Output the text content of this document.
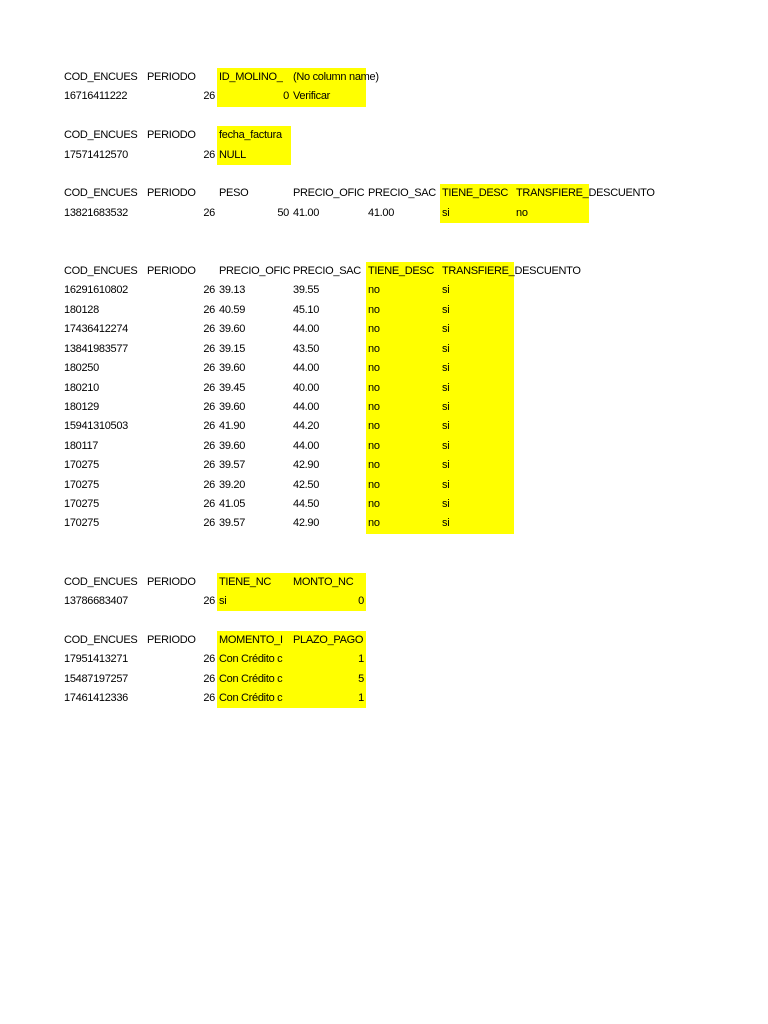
COD_ENCUES PERIODO	ID_MOLINO_ (No column name)
16716411222	26	0 Verificar
COD_ENCUES PERIODO	fecha_factura
17571412570	26 NULL
COD_ENCUES PERIODO	PESO	PRECIO_OFIC PRECIO_SAC TIENE_DESC TRANSFIERE_DESCUENTO
13821683532	26	50 41.00	41.00	si	no
COD_ENCUES PERIODO	PRECIO_OFIC PRECIO_SAC TIENE_DESC TRANSFIERE_DESCUENTO
16291610802	26 39.13	39.55	no	si
180128	26 40.59	45.10	no	si
17436412274	26 39.60	44.00	no	si
13841983577	26 39.15	43.50	no	si
180250	26 39.60	44.00	no	si
180210	26 39.45	40.00	no	si
180129	26 39.60	44.00	no	si
15941310503	26 41.90	44.20	no	si
180117	26 39.60	44.00	no	si
170275	26 39.57	42.90	no	si
170275	26 39.20	42.50	no	si
170275	26 41.05	44.50	no	si
170275	26 39.57	42.90	no	si
COD_ENCUES PERIODO	TIENE_NC	MONTO_NC
13786683407	26 si	0
COD_ENCUES PERIODO	MOMENTO_I PLAZO_PAGO
17951413271	26 Con Crédito c	1
15487197257	26 Con Crédito c	5
17461412336	26 Con Crédito c	1
